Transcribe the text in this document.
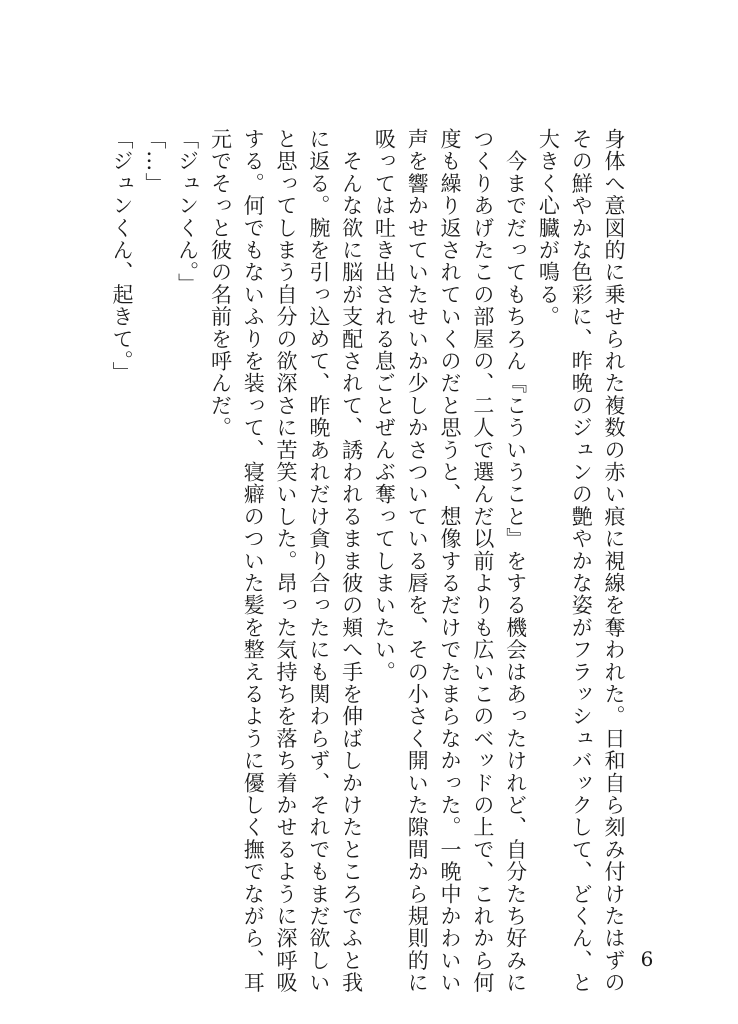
身体へ意図的に乗せられた複数の赤い痕に視線を奪われた。日和自ら刻み付けたはずの
その鮮やかな色彩に、昨晩のジュンの艶やかな姿がフラッシュバックして、どくん、と
大きく心臓が鳴る。
　今までだってもちろん『こういうこと』をする機会はあったけれど、自分たち好みに
つくりあげたこの部屋の、二人で選んだ以前よりも広いこのベッドの上で、これから何
度も繰り返されていくのだと思うと、想像するだけでたまらなかった。一晩中かわいい
声を響かせていたせいか少しかさついている唇を、その小さく開いた隙間から規則的に
吸っては吐き出される息ごとぜんぶ奪ってしまいたい。
　そんな欲に脳が支配されて、誘われるまま彼の頬へ手を伸ばしかけたところでふと我
に返る。腕を引っ込めて、昨晩あれだけ貪り合ったにも関わらず、それでもまだ欲しい
と思ってしまう自分の欲深さに苦笑いした。昂った気持ちを落ち着かせるように深呼吸
する。何でもないふりを装って、寝癖のついた髪を整えるように優しく撫でながら、耳
元でそっと彼の名前を呼んだ。
「ジュンくん。」
「…」
「ジュンくん、起きて。」
6
